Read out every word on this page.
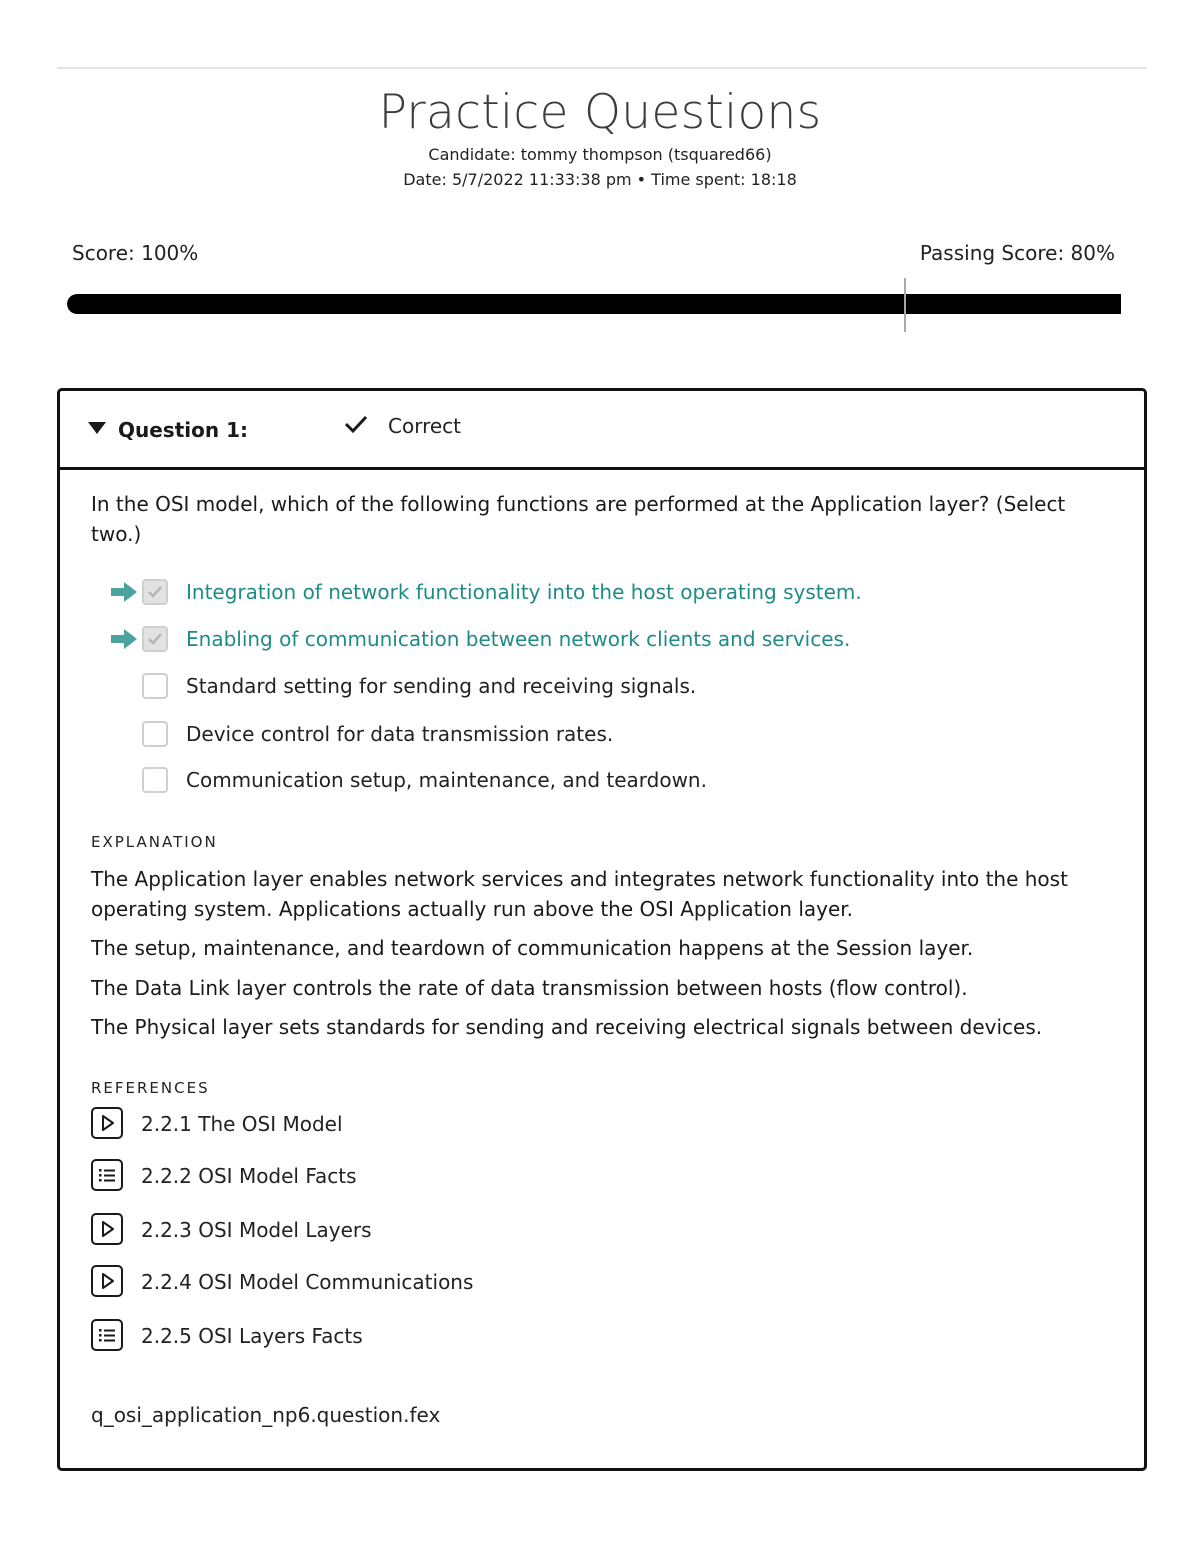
Practice Questions
Candidate: tommy thompson (tsquared66)
Date: 5/7/2022 11:33:38 pm • Time spent: 18:18
Score: 100%	Passing Score: 80%
Question 1:	Correct
In the OSI model, which of the following functions are performed at the Application layer? (Select two.)
Integration of network functionality into the host operating system.
Enabling of communication between network clients and services.
Standard setting for sending and receiving signals.
Device control for data transmission rates.
Communication setup, maintenance, and teardown.
EXPLANATION
The Application layer enables network services and integrates network functionality into the host operating system. Applications actually run above the OSI Application layer.
The setup, maintenance, and teardown of communication happens at the Session layer.
The Data Link layer controls the rate of data transmission between hosts (flow control).
The Physical layer sets standards for sending and receiving electrical signals between devices.
REFERENCES
2.2.1 The OSI Model
2.2.2 OSI Model Facts
2.2.3 OSI Model Layers
2.2.4 OSI Model Communications
2.2.5 OSI Layers Facts
q_osi_application_np6.question.fex
